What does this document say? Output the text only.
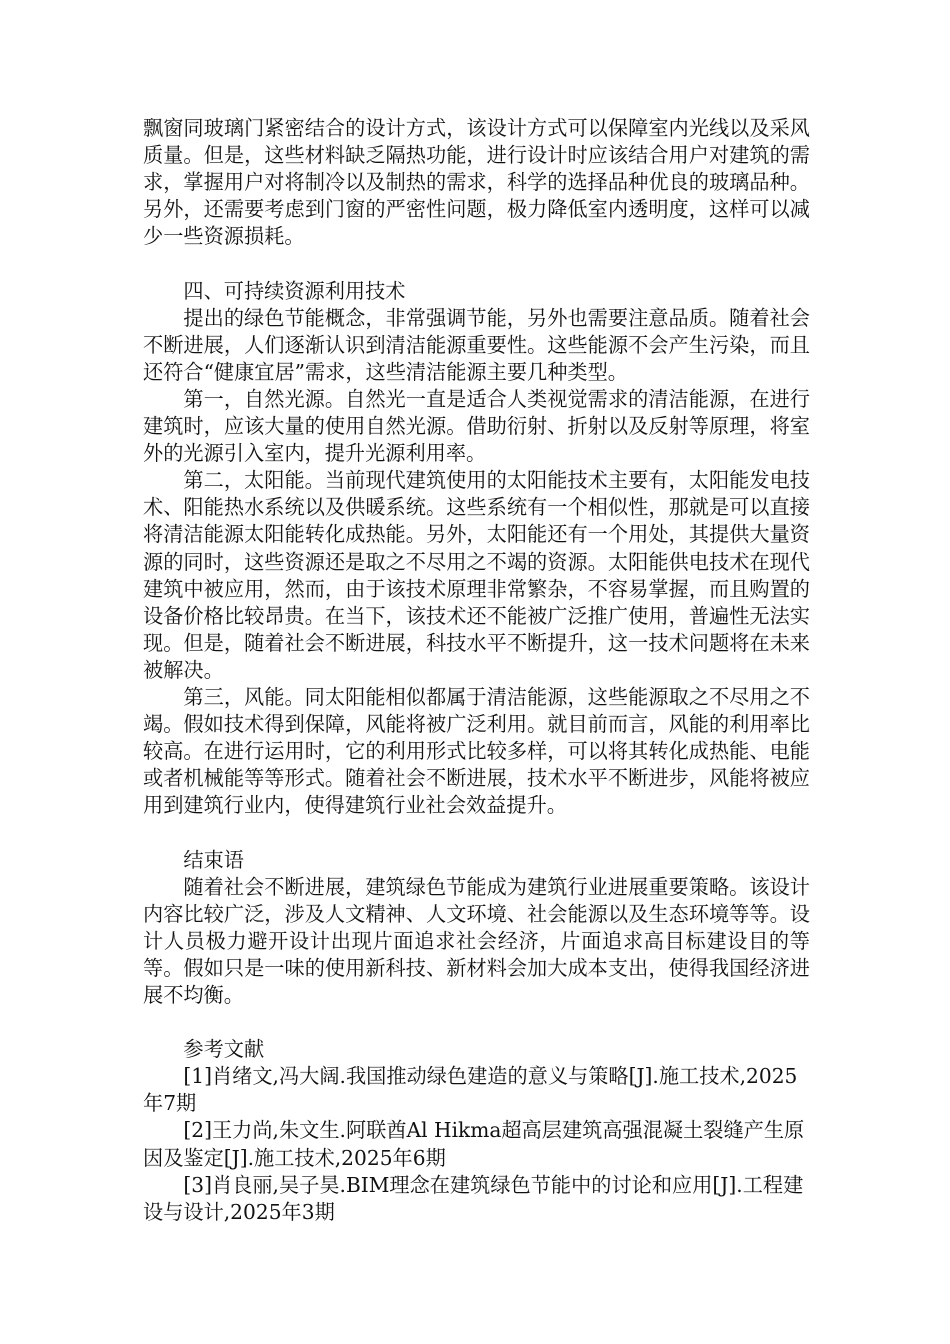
飘窗同玻璃门紧密结合的设计方式，该设计方式可以保障室内光线以及采风质量。但是，这些材料缺乏隔热功能，进行设计时应该结合用户对建筑的需求，掌握用户对将制冷以及制热的需求，科学的选择品种优良的玻璃品种。另外，还需要考虑到门窗的严密性问题，极力降低室内透明度，这样可以减少一些资源损耗。

四、可持续资源利用技术

提出的绿色节能概念，非常强调节能，另外也需要注意品质。随着社会不断进展，人们逐渐认识到清洁能源重要性。这些能源不会产生污染，而且还符合“健康宜居”需求，这些清洁能源主要几种类型。

第一，自然光源。自然光一直是适合人类视觉需求的清洁能源，在进行建筑时，应该大量的使用自然光源。借助衍射、折射以及反射等原理，将室外的光源引入室内，提升光源利用率。

第二，太阳能。当前现代建筑使用的太阳能技术主要有，太阳能发电技术、阳能热水系统以及供暖系统。这些系统有一个相似性，那就是可以直接将清洁能源太阳能转化成热能。另外，太阳能还有一个用处，其提供大量资源的同时，这些资源还是取之不尽用之不竭的资源。太阳能供电技术在现代建筑中被应用，然而，由于该技术原理非常繁杂，不容易掌握，而且购置的设备价格比较昂贵。在当下，该技术还不能被广泛推广使用，普遍性无法实现。但是，随着社会不断进展，科技水平不断提升，这一技术问题将在未来被解决。

第三，风能。同太阳能相似都属于清洁能源，这些能源取之不尽用之不竭。假如技术得到保障，风能将被广泛利用。就目前而言，风能的利用率比较高。在进行运用时，它的利用形式比较多样，可以将其转化成热能、电能或者机械能等等形式。随着社会不断进展，技术水平不断进步，风能将被应用到建筑行业内，使得建筑行业社会效益提升。

结束语

随着社会不断进展，建筑绿色节能成为建筑行业进展重要策略。该设计内容比较广泛，涉及人文精神、人文环境、社会能源以及生态环境等等。设计人员极力避开设计出现片面追求社会经济，片面追求高目标建设目的等等。假如只是一味的使用新科技、新材料会加大成本支出，使得我国经济进展不均衡。

参考文献

[1]肖绪文,冯大阔.我国推动绿色建造的意义与策略[J].施工技术,2025年7期

[2]王力尚,朱文生.阿联酋Al Hikma超高层建筑高强混凝土裂缝产生原因及鉴定[J].施工技术,2025年6期

[3]肖良丽,吴子昊.BIM理念在建筑绿色节能中的讨论和应用[J].工程建设与设计,2025年3期
